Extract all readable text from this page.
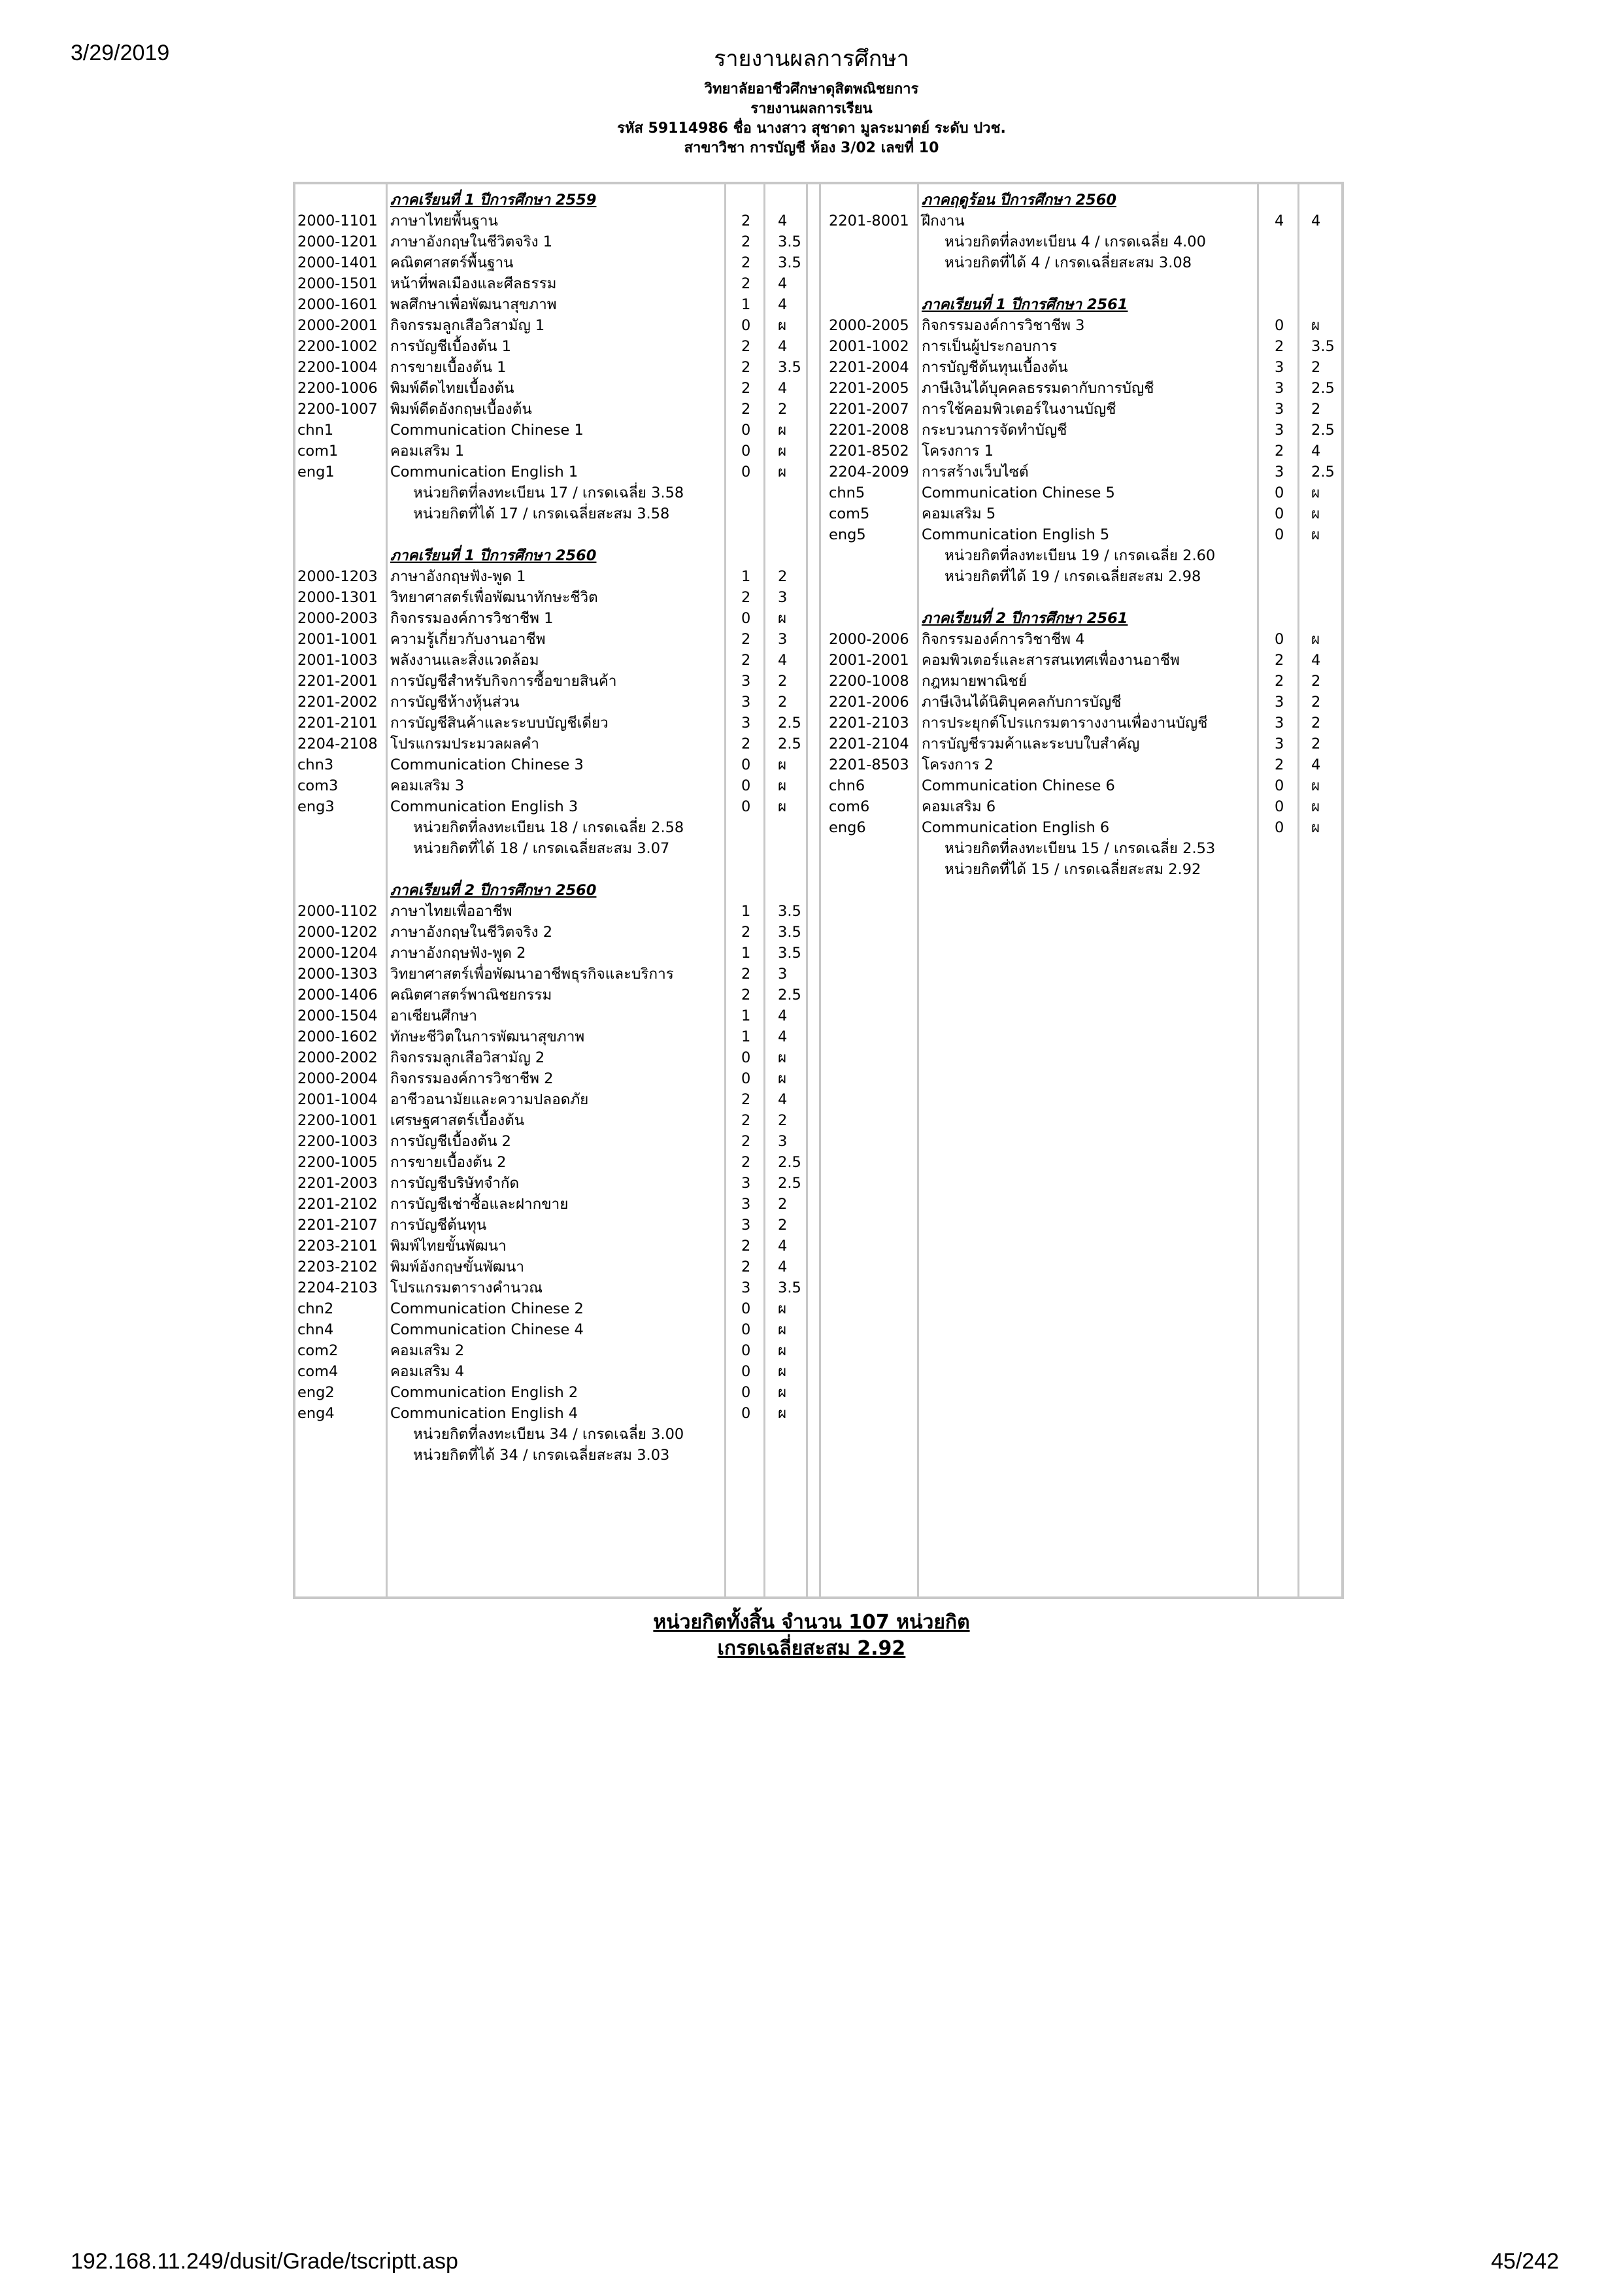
3/29/2019	รายงานผลการศึกษา
วิทยาลัยอาชีวศึกษาดุสิตพณิชยการ
รายงานผลการเรียน
รหัส 59114986 ชื่อ นางสาว สุชาดา มูลระมาตย์ ระดับ ปวช.
สาขาวิชา การบัญชี ห้อง 3/02 เลขที่ 10
ภาคเรียนที่ 1 ปีการศึกษา 2559
2000-1101 ภาษาไทยพื้นฐาน	2 4
2000-1201 ภาษาอังกฤษในชีวิตจริง 1	2 3.5
2000-1401 คณิตศาสตร์พื้นฐาน	2 3.5
2000-1501 หน้าที่พลเมืองและศีลธรรม	2 4
2000-1601 พลศึกษาเพื่อพัฒนาสุขภาพ	1 4
2000-2001 กิจกรรมลูกเสือวิสามัญ 1	0 ผ
2200-1002 การบัญชีเบื้องต้น 1	2 4
2200-1004 การขายเบื้องต้น 1	2 3.5
2200-1006 พิมพ์ดีดไทยเบื้องต้น	2 4
2200-1007 พิมพ์ดีดอังกฤษเบื้องต้น	2 2
chn1	Communication Chinese 1	0 ผ
com1	คอมเสริม 1	0 ผ
eng1	Communication English 1	0 ผ
หน่วยกิตที่ลงทะเบียน 17 / เกรดเฉลี่ย 3.58
หน่วยกิตที่ได้ 17 / เกรดเฉลี่ยสะสม 3.58
ภาคเรียนที่ 1 ปีการศึกษา 2560
2000-1203 ภาษาอังกฤษฟัง-พูด 1	1 2
2000-1301 วิทยาศาสตร์เพื่อพัฒนาทักษะชีวิต	2 3
2000-2003 กิจกรรมองค์การวิชาชีพ 1	0 ผ
2001-1001 ความรู้เกี่ยวกับงานอาชีพ	2 3
2001-1003 พลังงานและสิ่งแวดล้อม	2 4
2201-2001 การบัญชีสำหรับกิจการซื้อขายสินค้า	3 2
2201-2002 การบัญชีห้างหุ้นส่วน	3 2
2201-2101 การบัญชีสินค้าและระบบบัญชีเดี่ยว	3 2.5
2204-2108 โปรแกรมประมวลผลคำ	2 2.5
chn3	Communication Chinese 3	0 ผ
com3	คอมเสริม 3	0 ผ
eng3	Communication English 3	0 ผ
หน่วยกิตที่ลงทะเบียน 18 / เกรดเฉลี่ย 2.58
หน่วยกิตที่ได้ 18 / เกรดเฉลี่ยสะสม 3.07
ภาคเรียนที่ 2 ปีการศึกษา 2560
2000-1102 ภาษาไทยเพื่ออาชีพ	1 3.5
2000-1202 ภาษาอังกฤษในชีวิตจริง 2	2 3.5
2000-1204 ภาษาอังกฤษฟัง-พูด 2	1 3.5
2000-1303 วิทยาศาสตร์เพื่อพัฒนาอาชีพธุรกิจและบริการ	2 3
2000-1406 คณิตศาสตร์พาณิชยกรรม	2 2.5
2000-1504 อาเซียนศึกษา	1 4
2000-1602 ทักษะชีวิตในการพัฒนาสุขภาพ	1 4
2000-2002 กิจกรรมลูกเสือวิสามัญ 2	0 ผ
2000-2004 กิจกรรมองค์การวิชาชีพ 2	0 ผ
2001-1004 อาชีวอนามัยและความปลอดภัย	2 4
2200-1001 เศรษฐศาสตร์เบื้องต้น	2 2
2200-1003 การบัญชีเบื้องต้น 2	2 3
2200-1005 การขายเบื้องต้น 2	2 2.5
2201-2003 การบัญชีบริษัทจำกัด	3 2.5
2201-2102 การบัญชีเช่าซื้อและฝากขาย	3 2
2201-2107 การบัญชีต้นทุน	3 2
2203-2101 พิมพ์ไทยขั้นพัฒนา	2 4
2203-2102 พิมพ์อังกฤษขั้นพัฒนา	2 4
2204-2103 โปรแกรมตารางคำนวณ	3 3.5
chn2	Communication Chinese 2	0 ผ
chn4	Communication Chinese 4	0 ผ
com2	คอมเสริม 2	0 ผ
com4	คอมเสริม 4	0 ผ
eng2	Communication English 2	0 ผ
eng4	Communication English 4	0 ผ
หน่วยกิตที่ลงทะเบียน 34 / เกรดเฉลี่ย 3.00
หน่วยกิตที่ได้ 34 / เกรดเฉลี่ยสะสม 3.03
ภาคฤดูร้อน ปีการศึกษา 2560
2201-8001 ฝึกงาน	4 4
หน่วยกิตที่ลงทะเบียน 4 / เกรดเฉลี่ย 4.00
หน่วยกิตที่ได้ 4 / เกรดเฉลี่ยสะสม 3.08
ภาคเรียนที่ 1 ปีการศึกษา 2561
2000-2005 กิจกรรมองค์การวิชาชีพ 3	0 ผ
2001-1002 การเป็นผู้ประกอบการ	2 3.5
2201-2004 การบัญชีต้นทุนเบื้องต้น	3 2
2201-2005 ภาษีเงินได้บุคคลธรรมดากับการบัญชี	3 2.5
2201-2007 การใช้คอมพิวเตอร์ในงานบัญชี	3 2
2201-2008 กระบวนการจัดทำบัญชี	3 2.5
2201-8502 โครงการ 1	2 4
2204-2009 การสร้างเว็บไซต์	3 2.5
chn5	Communication Chinese 5	0 ผ
com5	คอมเสริม 5	0 ผ
eng5	Communication English 5	0 ผ
หน่วยกิตที่ลงทะเบียน 19 / เกรดเฉลี่ย 2.60
หน่วยกิตที่ได้ 19 / เกรดเฉลี่ยสะสม 2.98
ภาคเรียนที่ 2 ปีการศึกษา 2561
2000-2006 กิจกรรมองค์การวิชาชีพ 4	0 ผ
2001-2001 คอมพิวเตอร์และสารสนเทศเพื่องานอาชีพ	2 4
2200-1008 กฎหมายพาณิชย์	2 2
2201-2006 ภาษีเงินได้นิติบุคคลกับการบัญชี	3 2
2201-2103 การประยุกต์โปรแกรมตารางงานเพื่องานบัญชี	3 2
2201-2104 การบัญชีรวมค้าและระบบใบสำคัญ	3 2
2201-8503 โครงการ 2	2 4
chn6	Communication Chinese 6	0 ผ
com6	คอมเสริม 6	0 ผ
eng6	Communication English 6	0 ผ
หน่วยกิตที่ลงทะเบียน 15 / เกรดเฉลี่ย 2.53
หน่วยกิตที่ได้ 15 / เกรดเฉลี่ยสะสม 2.92
หน่วยกิตทั้งสิ้น จำนวน 107 หน่วยกิต
เกรดเฉลี่ยสะสม 2.92
192.168.11.249/dusit/Grade/tscriptt.asp	45/242
